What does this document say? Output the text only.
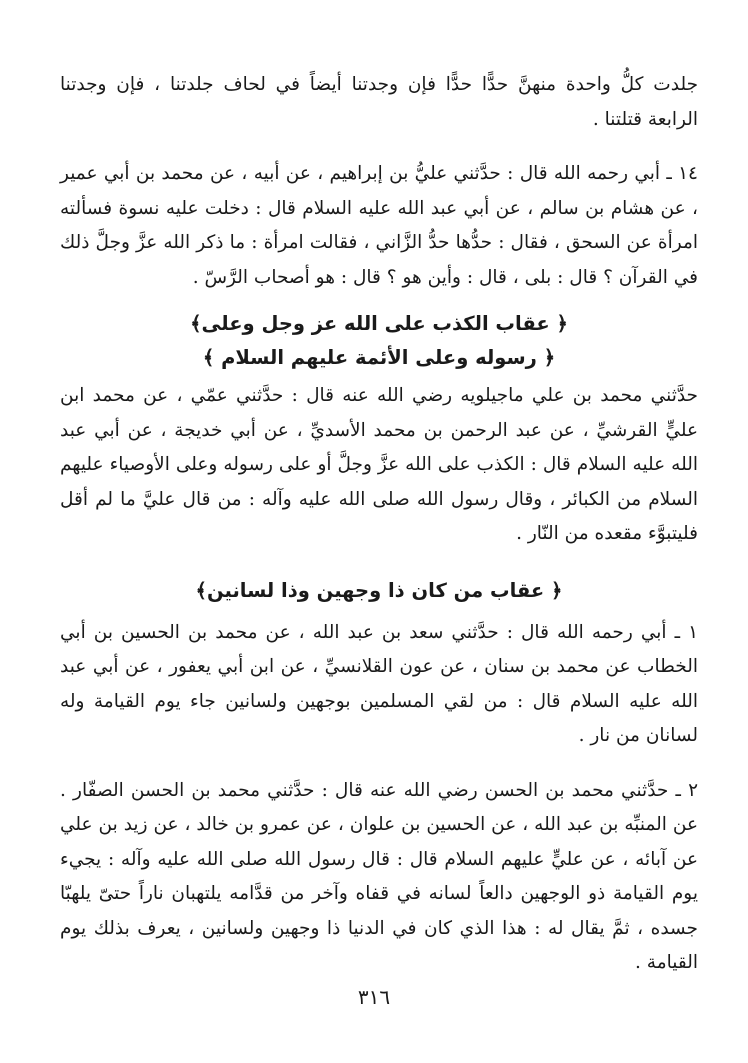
جلدت كلُّ واحدة منهنَّ حدًّا حدًّا فإن وجدتنا أيضاً في لحاف جلدتنا ، فإن وجدتنا الرابعة قتلتنا .

١٤ ـ أبي رحمه الله قال : حدَّثني عليُّ بن إبراهيم ، عن أبيه ، عن محمد بن أبي عمير ، عن هشام بن سالم ، عن أبي عبد الله عليه السلام قال : دخلت عليه نسوة فسألته امرأة عن السحق ، فقال : حدُّها حدُّ الزَّاني ، فقالت امرأة : ما ذكر الله عزَّ وجلَّ ذلك في القرآن ؟ قال : بلى ، قال : وأين هو ؟ قال : هو أصحاب الرَّسّ .

﴿ عقاب الكذب على الله عز وجل وعلى﴾

﴿ رسوله وعلى الأئمة عليهم السلام ﴾

حدَّثني محمد بن علي ماجيلويه رضي الله عنه قال : حدَّثني عمّي ، عن محمد ابن عليٍّ القرشيِّ ، عن عبد الرحمن بن محمد الأسديِّ ، عن أبي خديجة ، عن أبي عبد الله عليه السلام قال : الكذب على الله عزَّ وجلَّ أو على رسوله وعلى الأوصياء عليهم السلام من الكبائر ، وقال رسول الله صلى الله عليه وآله : من قال عليَّ ما لم أقل فليتبوَّء مقعده من النّار .

﴿ عقاب من كان ذا وجهين وذا لسانين﴾

١ ـ أبي رحمه الله قال : حدَّثني سعد بن عبد الله ، عن محمد بن الحسين بن أبي الخطاب عن محمد بن سنان ، عن عون القلانسيِّ ، عن ابن أبي يعفور ، عن أبي عبد الله عليه السلام قال : من لقي المسلمين بوجهين ولسانين جاء يوم القيامة وله لسانان من نار .

٢ ـ حدَّثني محمد بن الحسن رضي الله عنه قال : حدَّثني محمد بن الحسن الصفّار . عن المنبِّه بن عبد الله ، عن الحسين بن علوان ، عن عمرو بن خالد ، عن زيد بن علي عن آبائه ، عن عليٍّ عليهم السلام قال : قال رسول الله صلى الله عليه وآله : يجيء يوم القيامة ذو الوجهين دالعاً لسانه في قفاه وآخر من قدَّامه يلتهبان ناراً حتىّ يلهبّا جسده ، ثمَّ يقال له : هذا الذي كان في الدنيا ذا وجهين ولسانين ، يعرف بذلك يوم القيامة .

٣١٦
